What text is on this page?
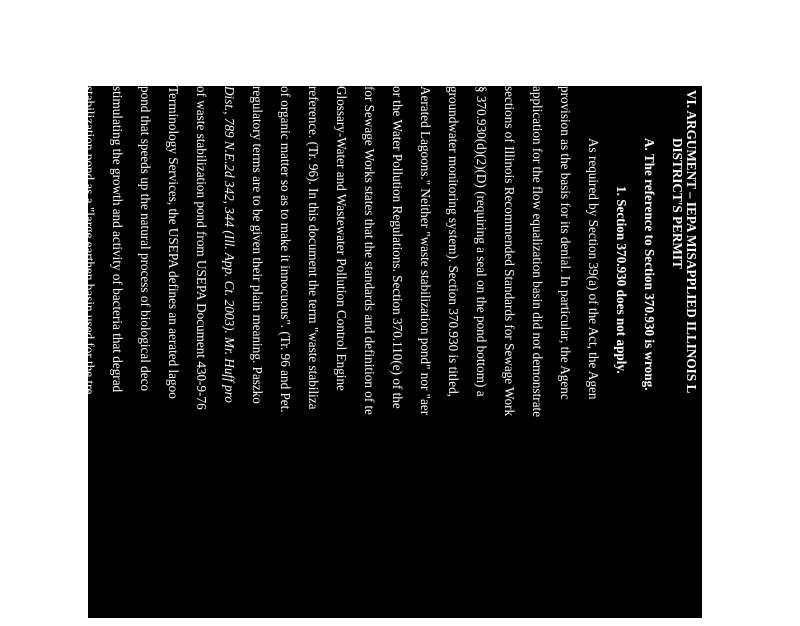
VI. ARGUMENT – IEPA MISAPPLIED ILLINOIS L
DISTRICT'S PERMIT
A. The reference to Section 370.930 is wrong.
1. Section 370.930 does not apply.
As required by Section 39(a) of the Act, the Agen
provision as the basis for its denial. In particular, the Agenc
application for the flow equalization basin did not demonstrate
sections of Illinois Recommended Standards for Sewage Work
§ 370.930(d)(2)(D) (requiring a seal on the pond bottom) a
groundwater monitoring system). Section 370.930 is titled,
Aerated Lagoons." Neither "waste stabilization pond" nor "aer
or the Water Pollution Regulations. Section 370.110(e) of the
for Sewage Works states that the standards and definition of te
Glossary-Water and Wastewater Pollution Control Engine
reference. (Tr. 96). In this document the term "waste stabiliza
of organic matter so as to make it innocuous". (Tr. 96 and Pet.
regulatory terms are to be given their plain meaning. Paszko
Dist., 789 N.E.2d 342, 344 (Ill. App. Ct. 2003). Mr. Huff pro
of waste stabilization pond from USEPA Document 430-9-76
Terminology Services, the USEPA defines an aerated lagoo
pond that speeds up the natural process of biological deco
stimulating the growth and activity of bacteria that degrad
stabilization pond as a "large earthen basin used for the tre
processes
involving
the
use
of
both
